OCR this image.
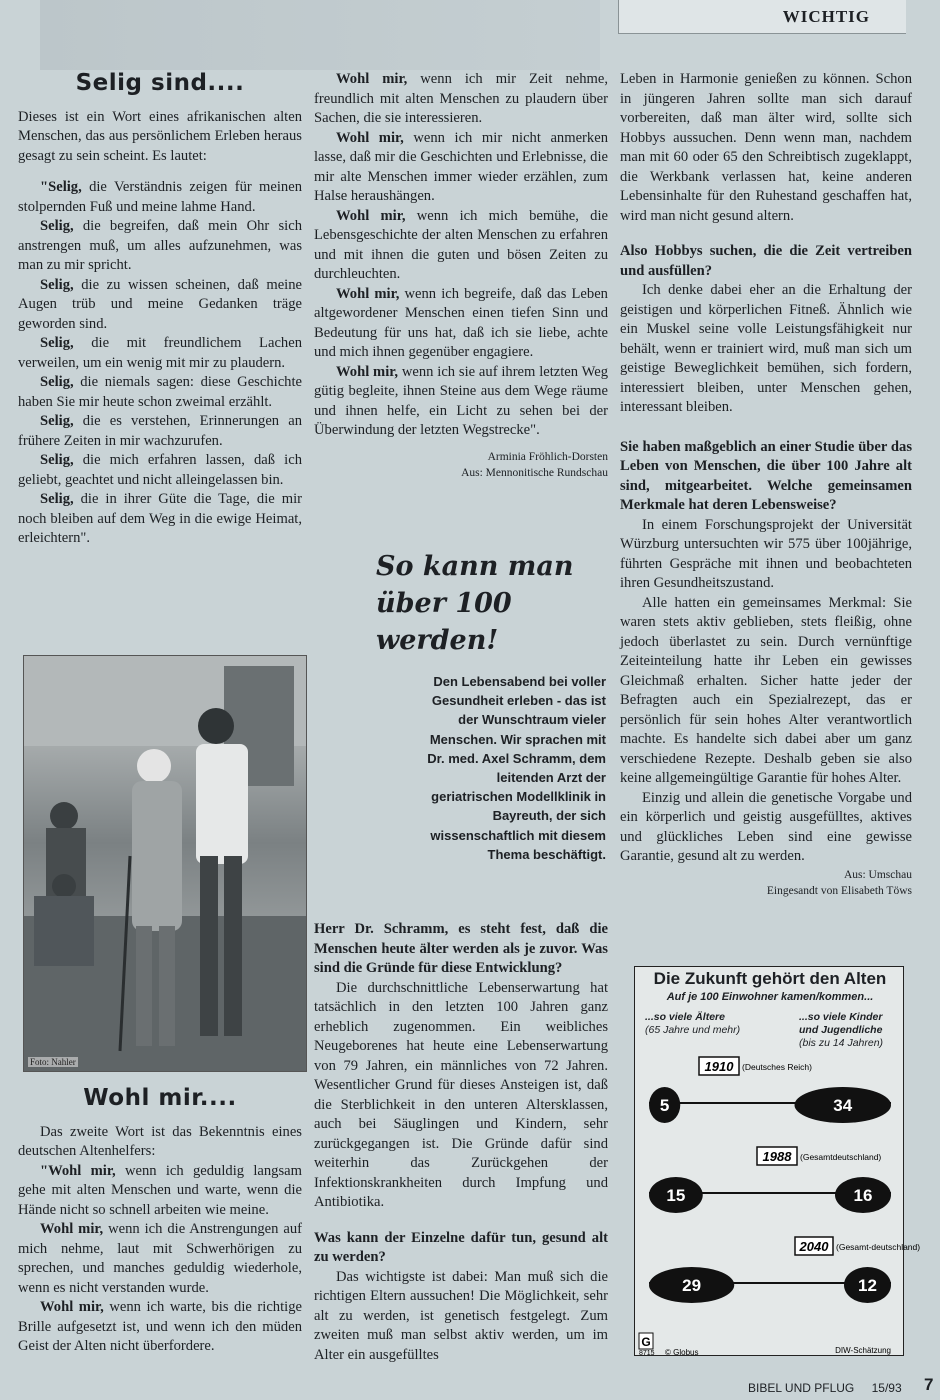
WICHTIG
Selig sind....

Dieses ist ein Wort eines afrikanischen alten Menschen, das aus persönlichem Erleben heraus gesagt zu sein scheint. Es lautet:

"Selig, die Verständnis zeigen für meinen stolpernden Fuß und meine lahme Hand.

Selig, die begreifen, daß mein Ohr sich anstrengen muß, um alles aufzunehmen, was man zu mir spricht.

Selig, die zu wissen scheinen, daß meine Augen trüb und meine Gedanken träge geworden sind.

Selig, die mit freundlichem Lachen verweilen, um ein wenig mit mir zu plaudern.

Selig, die niemals sagen: diese Geschichte haben Sie mir heute schon zweimal erzählt.

Selig, die es verstehen, Erinnerungen an frühere Zeiten in mir wachzurufen.

Selig, die mich erfahren lassen, daß ich geliebt, geachtet und nicht alleingelassen bin.

Selig, die in ihrer Güte die Tage, die mir noch bleiben auf dem Weg in die ewige Heimat, erleichtern".

Foto: Nahler
Wohl mir....

Das zweite Wort ist das Bekenntnis eines deutschen Altenhelfers:

"Wohl mir, wenn ich geduldig langsam gehe mit alten Menschen und warte, wenn die Hände nicht so schnell arbeiten wie meine.

Wohl mir, wenn ich die Anstrengungen auf mich nehme, laut mit Schwerhörigen zu sprechen, und manches geduldig wiederhole, wenn es nicht verstanden wurde.

Wohl mir, wenn ich warte, bis die richtige Brille aufgesetzt ist, und wenn ich den müden Geist der Alten nicht überfordere.

Wohl mir, wenn ich mir Zeit nehme, freundlich mit alten Menschen zu plaudern über Sachen, die sie interessieren.

Wohl mir, wenn ich mir nicht anmerken lasse, daß mir die Geschichten und Erlebnisse, die mir alte Menschen immer wieder erzählen, zum Halse heraushängen.

Wohl mir, wenn ich mich bemühe, die Lebensgeschichte der alten Menschen zu erfahren und mit ihnen die guten und bösen Zeiten zu durchleuchten.

Wohl mir, wenn ich begreife, daß das Leben altgewordener Menschen einen tiefen Sinn und Bedeutung für uns hat, daß ich sie liebe, achte und mich ihnen gegenüber engagiere.

Wohl mir, wenn ich sie auf ihrem letzten Weg gütig begleite, ihnen Steine aus dem Wege räume und ihnen helfe, ein Licht zu sehen bei der Überwindung der letzten Wegstrecke".

Arminia Fröhlich-Dorsten
Aus: Mennonitische Rundschau
So kann man über 100 werden!
Den Lebensabend bei voller Gesundheit erleben - das ist der Wunschtraum vieler Menschen. Wir sprachen mit Dr. med. Axel Schramm, dem leitenden Arzt der geriatrischen Modellklinik in Bayreuth, der sich wissenschaftlich mit diesem Thema beschäftigt.

Herr Dr. Schramm, es steht fest, daß die Menschen heute älter werden als je zuvor. Was sind die Gründe für diese Entwicklung?

Die durchschnittliche Lebenserwartung hat tatsächlich in den letzten 100 Jahren ganz erheblich zugenommen. Ein weibliches Neugeborenes hat heute eine Lebenserwartung von 79 Jahren, ein männliches von 72 Jahren. Wesentlicher Grund für dieses Ansteigen ist, daß die Sterblichkeit in den unteren Altersklassen, auch bei Säuglingen und Kindern, sehr zurückgegangen ist. Die Gründe dafür sind weiterhin das Zurückgehen der Infektionskrankheiten durch Impfung und Antibiotika.

Was kann der Einzelne dafür tun, gesund alt zu werden?

Das wichtigste ist dabei: Man muß sich die richtigen Eltern aussuchen! Die Möglichkeit, sehr alt zu werden, ist genetisch festgelegt. Zum zweiten muß man selbst aktiv werden, um im Alter ein ausgefülltes

Leben in Harmonie genießen zu können. Schon in jüngeren Jahren sollte man sich darauf vorbereiten, daß man älter wird, sollte sich Hobbys aussuchen. Denn wenn man, nachdem man mit 60 oder 65 den Schreibtisch zugeklappt, die Werkbank verlassen hat, keine anderen Lebensinhalte für den Ruhestand geschaffen hat, wird man nicht gesund altern.

Also Hobbys suchen, die die Zeit vertreiben und ausfüllen?

Ich denke dabei eher an die Erhaltung der geistigen und körperlichen Fitneß. Ähnlich wie ein Muskel seine volle Leistungsfähigkeit nur behält, wenn er trainiert wird, muß man sich um geistige Beweglichkeit bemühen, sich fordern, interessiert bleiben, unter Menschen gehen, interessant bleiben.

Sie haben maßgeblich an einer Studie über das Leben von Menschen, die über 100 Jahre alt sind, mitgearbeitet. Welche gemeinsamen Merkmale hat deren Lebensweise?

In einem Forschungsprojekt der Universität Würzburg untersuchten wir 575 über 100jährige, führten Gespräche mit ihnen und beobachteten ihren Gesundheitszustand.

Alle hatten ein gemeinsames Merkmal: Sie waren stets aktiv geblieben, stets fleißig, ohne jedoch überlastet zu sein. Durch vernünftige Zeiteinteilung hatte ihr Leben ein gewisses Gleichmaß erhalten. Sicher hatte jeder der Befragten auch ein Spezialrezept, das er persönlich für sein hohes Alter verantwortlich machte. Es handelte sich dabei aber um ganz verschiedene Rezepte. Deshalb geben sie also keine allgemeingültige Garantie für hohes Alter.

Einzig und allein die genetische Vorgabe und ein körperlich und geistig ausgefülltes, aktives und glückliches Leben sind eine gewisse Garantie, gesund alt zu werden.

Aus: Umschau
Eingesandt von Elisabeth Töws
Die Zukunft gehört den Alten
Auf je 100 Einwohner kamen/kommen...
...so viele Ältere
(65 Jahre und mehr)
...so viele Kinder und Jugendliche
(bis zu 14 Jahren)
1910 (Deutsches Reich)
5	34
1988 (Gesamtdeutschland)
15	16
2040 (Gesamt-deutschland)
29	12
G
8715 © Globus	DIW-Schätzung
BIBEL UND PFLUG 15/93 7
